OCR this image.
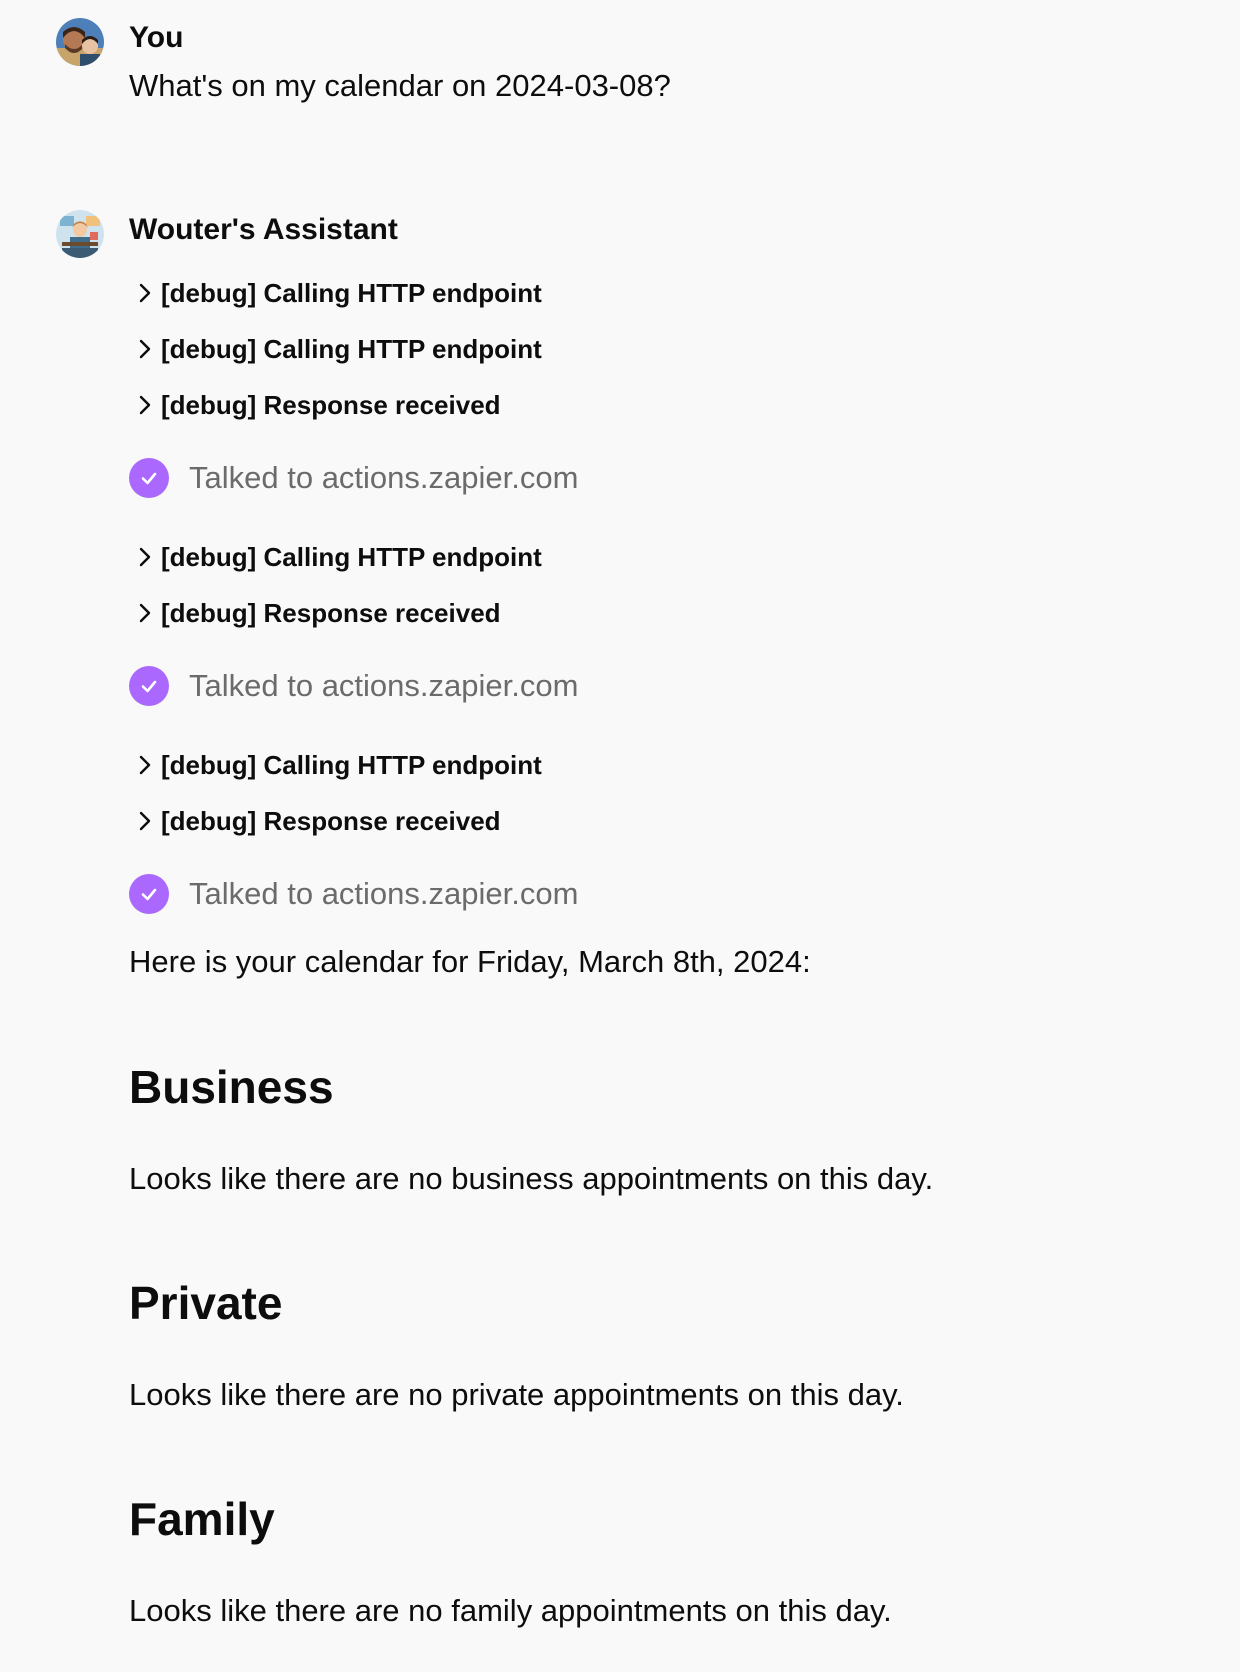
You
What's on my calendar on 2024-03-08?
Wouter's Assistant
[debug] Calling HTTP endpoint
[debug] Calling HTTP endpoint
[debug] Response received
Talked to actions.zapier.com
[debug] Calling HTTP endpoint
[debug] Response received
Talked to actions.zapier.com
[debug] Calling HTTP endpoint
[debug] Response received
Talked to actions.zapier.com
Here is your calendar for Friday, March 8th, 2024:
Business
Looks like there are no business appointments on this day.
Private
Looks like there are no private appointments on this day.
Family
Looks like there are no family appointments on this day.
